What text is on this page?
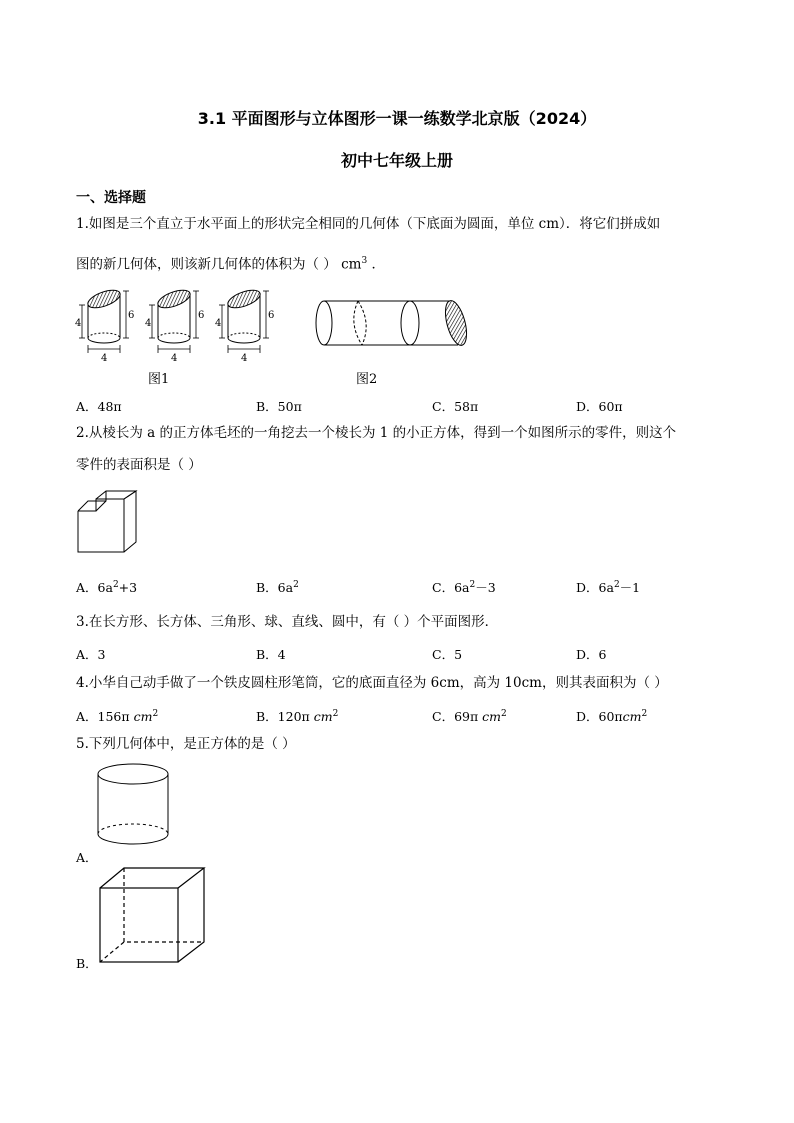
3.1 平面图形与立体图形一课一练数学北京版（2024）
初中七年级上册
一、选择题
1.如图是三个直立于水平面上的形状完全相同的几何体（下底面为圆面，单位 cm）．将它们拼成如
图的新几何体，则该新几何体的体积为（ ） $cm^3$ ．
4
6
4
4
6
4
4
6
4
图1	图2
A．48π	B．50π	C．58π	D．60π
2.从棱长为 a 的正方体毛坯的一角挖去一个棱长为 1 的小正方体，得到一个如图所示的零件，则这个
零件的表面积是（ ）
A．$6a^2+3$	B．$6a^2$	C．$6a^2-3$	D．$6a^2-1$
3.在长方形、长方体、三角形、球、直线、圆中，有（ ）个平面图形．
A．3	B．4	C．5	D．6
4.小华自己动手做了一个铁皮圆柱形笔筒，它的底面直径为 6cm，高为 10cm，则其表面积为（ ）
A．156π $cm^2$	B．120π $cm^2$	C．69π $cm^2$	D．60πcm$^2$
5.下列几何体中，是正方体的是（ ）
A．
B．
